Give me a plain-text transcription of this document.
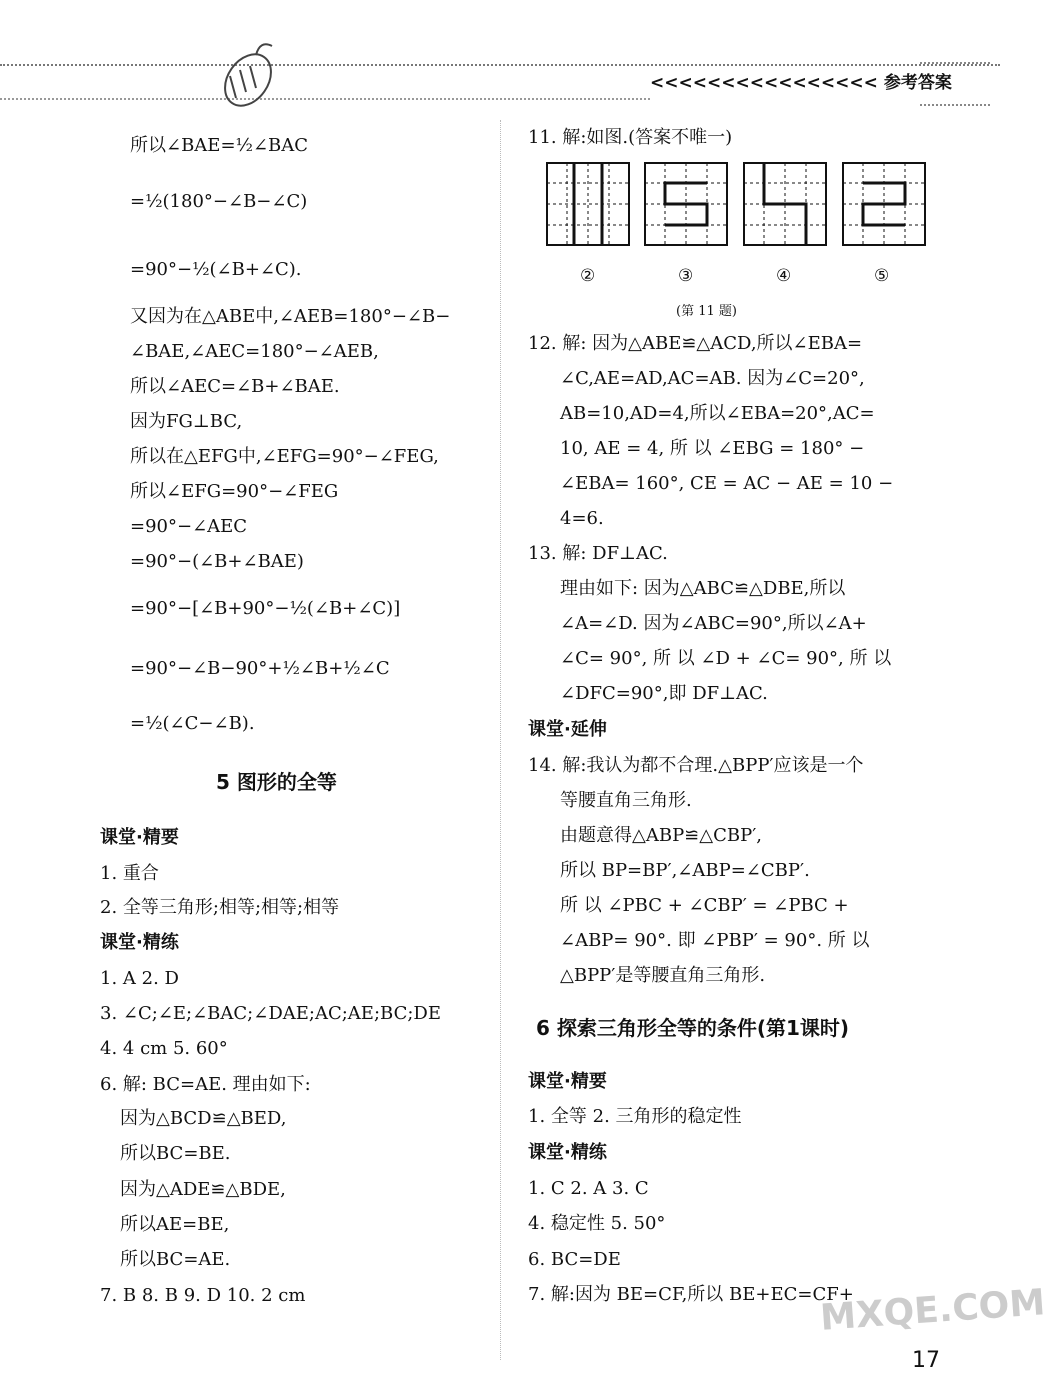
<<<<<<<<<<<<<<<< 参考答案
所以∠BAE=½∠BAC
=½(180°−∠B−∠C)
=90°−½(∠B+∠C).
又因为在△ABE中,∠AEB=180°−∠B−
∠BAE,∠AEC=180°−∠AEB,
所以∠AEC=∠B+∠BAE.
因为FG⊥BC,
所以在△EFG中,∠EFG=90°−∠FEG,
所以∠EFG=90°−∠FEG
=90°−∠AEC
=90°−(∠B+∠BAE)
=90°−[∠B+90°−½(∠B+∠C)]
=90°−∠B−90°+½∠B+½∠C
=½(∠C−∠B).
5 图形的全等
课堂·精要
1. 重合
2. 全等三角形;相等;相等;相等
课堂·精练
1. A 2. D
3. ∠C;∠E;∠BAC;∠DAE;AC;AE;BC;DE
4. 4 cm 5. 60°
6. 解: BC=AE. 理由如下:
因为△BCD≌△BED,
所以BC=BE.
因为△ADE≌△BDE,
所以AE=BE,
所以BC=AE.
7. B 8. B 9. D 10. 2 cm
11. 解:如图.(答案不唯一)
②	③	④	⑤
(第 11 题)
12. 解: 因为△ABE≌△ACD,所以∠EBA=
∠C,AE=AD,AC=AB. 因为∠C=20°,
AB=10,AD=4,所以∠EBA=20°,AC=
10, AE = 4, 所 以 ∠EBG = 180° −
∠EBA= 160°, CE = AC − AE = 10 −
4=6.
13. 解: DF⊥AC.
理由如下: 因为△ABC≌△DBE,所以
∠A=∠D. 因为∠ABC=90°,所以∠A+
∠C= 90°, 所 以 ∠D + ∠C= 90°, 所 以
∠DFC=90°,即 DF⊥AC.
课堂·延伸
14. 解:我认为都不合理.△BPP′应该是一个
等腰直角三角形.
由题意得△ABP≌△CBP′,
所以 BP=BP′,∠ABP=∠CBP′.
所 以 ∠PBC + ∠CBP′ = ∠PBC +
∠ABP= 90°. 即 ∠PBP′ = 90°. 所 以
△BPP′是等腰直角三角形.
6 探索三角形全等的条件(第1课时)
课堂·精要
1. 全等 2. 三角形的稳定性
课堂·精练
1. C 2. A 3. C
4. 稳定性 5. 50°
6. BC=DE
7. 解:因为 BE=CF,所以 BE+EC=CF+
MXQE.COM
17
